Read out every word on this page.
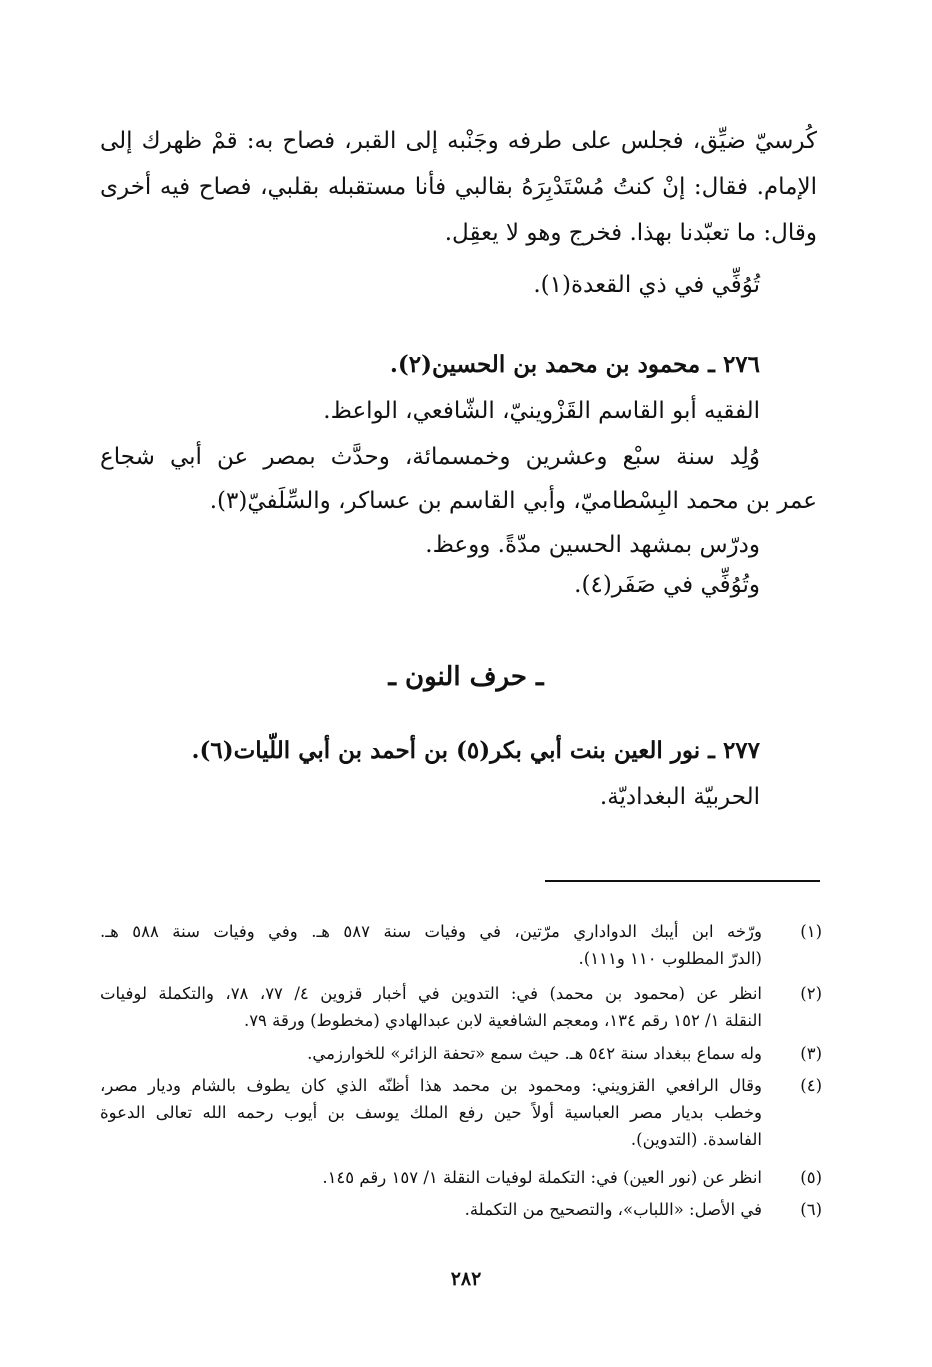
كُرسيّ ضيِّق، فجلس على طرفه وجَنْبه إلى القبر، فصاح به: قمْ ظهرك إلى
الإمام. فقال: إنْ كنتُ مُسْتَدْبِرَهُ بقالبي فأنا مستقبله بقلبي، فصاح فيه أخرى
وقال: ما تعبّدنا بهذا. فخرج وهو لا يعقِل.
تُوُفِّي في ذي القعدة(١).
٢٧٦ ـ محمود بن محمد بن الحسين(٢).
الفقيه أبو القاسم القَزْوينيّ، الشّافعي، الواعظ.
وُلِد سنة سبْع وعشرين وخمسمائة، وحدَّث بمصر عن أبي شجاع
عمر بن محمد البِسْطاميّ، وأبي القاسم بن عساكر، والسِّلَفيّ(٣).
ودرّس بمشهد الحسين مدّةً. ووعظ.
وتُوُفِّي في صَفَر(٤).
ـ حرف النون ـ
٢٧٧ ـ نور العين بنت أبي بكر(٥) بن أحمد بن أبي اللّيات(٦).
الحربيّة البغداديّة.
(١)
ورّخه ابن أيبك الدواداري مرّتين، في وفيات سنة ٥٨٧ هـ. وفي وفيات سنة ٥٨٨ هـ.
(الدرّ المطلوب ١١٠ و١١١).
(٢)
انظر عن (محمود بن محمد) في: التدوين في أخبار قزوين ٤/ ٧٧، ٧٨، والتكملة لوفيات
النقلة ١/ ١٥٢ رقم ١٣٤، ومعجم الشافعية لابن عبدالهادي (مخطوط) ورقة ٧٩.
(٣)
وله سماع ببغداد سنة ٥٤٢ هـ. حيث سمع «تحفة الزائر» للخوارزمي.
(٤)
وقال الرافعي القزويني: ومحمود بن محمد هذا أظنّه الذي كان يطوف بالشام وديار مصر،
وخطب بديار مصر العباسية أولاً حين رفع الملك يوسف بن أيوب رحمه الله تعالى الدعوة
الفاسدة. (التدوين).
(٥)
انظر عن (نور العين) في: التكملة لوفيات النقلة ١/ ١٥٧ رقم ١٤٥.
(٦)
في الأصل: «اللباب»، والتصحيح من التكملة.
٢٨٢
